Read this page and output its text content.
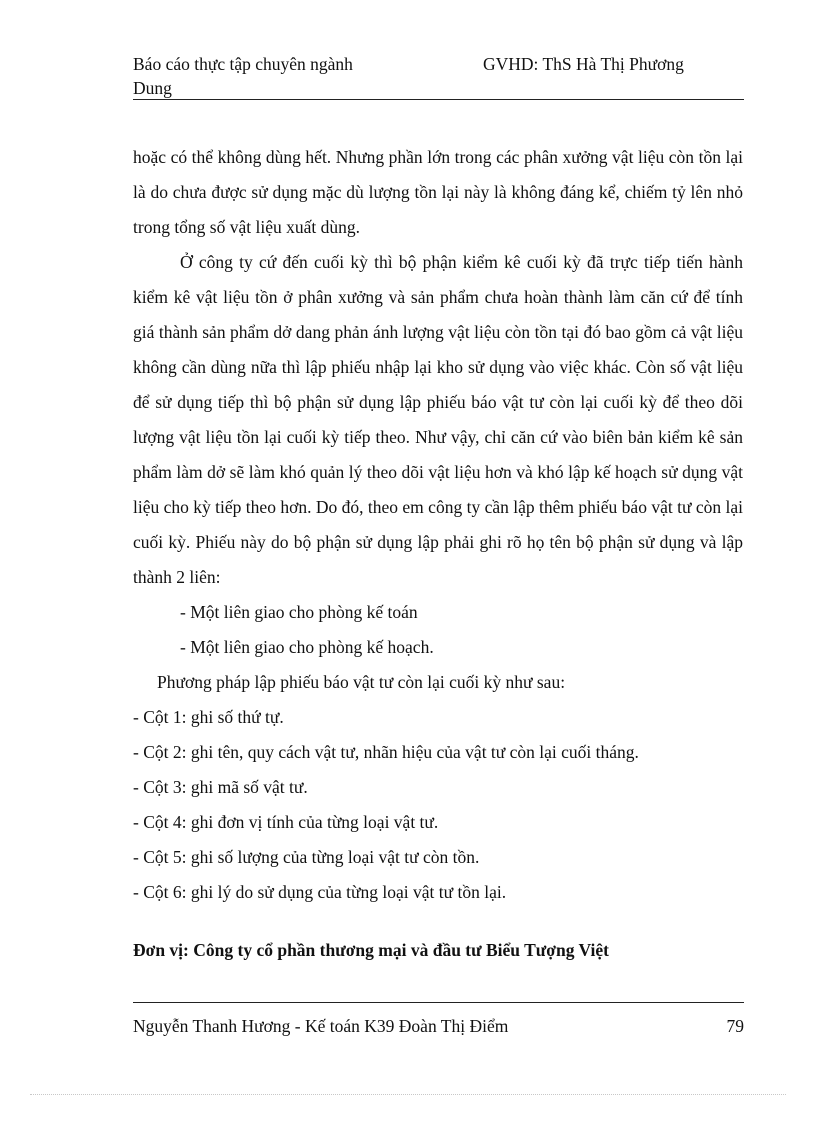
Báo cáo thực tập chuyên ngành
Dung
GVHD: ThS Hà Thị Phương

hoặc có thể không dùng hết. Nhưng phần lớn trong các phân xưởng vật liệu còn tồn lại là do chưa được sử dụng mặc dù lượng tồn lại này là không đáng kể, chiếm tỷ lên nhỏ trong tổng số vật liệu xuất dùng.

Ở công ty cứ đến cuối kỳ thì bộ phận kiểm kê cuối kỳ đã trực tiếp tiến hành kiểm kê vật liệu tồn ở phân xưởng và sản phẩm chưa hoàn thành làm căn cứ để tính giá thành sản phẩm dở dang phản ánh lượng vật liệu còn tồn tại đó bao gồm cả vật liệu không cần dùng nữa thì lập phiếu nhập lại kho sử dụng vào việc khác. Còn số vật liệu để sử dụng tiếp thì bộ phận sử dụng lập phiếu báo vật tư còn lại cuối kỳ để theo dõi lượng vật liệu tồn lại cuối kỳ tiếp theo. Như vậy, chỉ căn cứ vào biên bản kiểm kê sản phẩm làm dở sẽ làm khó quản lý theo dõi vật liệu hơn và khó lập kế hoạch sử dụng vật liệu cho kỳ tiếp theo hơn. Do đó, theo em công ty cần lập thêm phiếu báo vật tư còn lại cuối kỳ. Phiếu này do bộ phận sử dụng lập phải ghi rõ họ tên bộ phận sử dụng và lập thành 2 liên:

- Một liên giao cho phòng kế toán

- Một liên giao cho phòng kế hoạch.

Phương pháp lập phiếu báo vật tư còn lại cuối kỳ như sau:

- Cột 1: ghi số thứ tự.

- Cột 2: ghi tên, quy cách vật tư, nhãn hiệu của vật tư còn lại cuối tháng.

- Cột 3: ghi mã số vật tư.

- Cột 4: ghi đơn vị tính của từng loại vật tư.

- Cột 5: ghi số lượng của từng loại vật tư còn tồn.

- Cột 6: ghi lý do sử dụng của từng loại vật tư tồn lại.

Đơn vị: Công ty cổ phần thương mại và đầu tư Biểu Tượng Việt
Nguyễn Thanh Hương - Kế toán K39 Đoàn Thị Điểm	79
